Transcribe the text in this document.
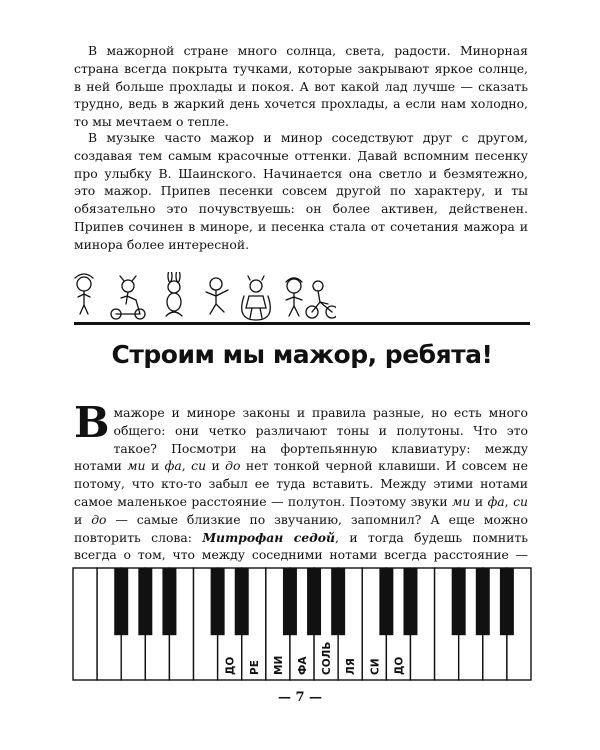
В мажорной стране много солнца, света, радости. Минорная страна всегда покрыта тучками, которые закрывают яркое солнце, в ней больше прохлады и покоя. А вот какой лад лучше — сказать трудно, ведь в жаркий день хочется прохлады, а если нам холодно, то мы мечтаем о тепле.

В музыке часто мажор и минор соседствуют друг с другом, создавая тем самым красочные оттенки. Давай вспомним песенку про улыбку В. Шаинского. Начинается она светло и безмятежно, это мажор. Припев песенки совсем другой по характеру, и ты обязательно это почувствуешь: он более активен, действенен. Припев сочинен в миноре, и песенка стала от сочетания мажора и минора более интересной.

Строим мы мажор, ребята!

В мажоре и миноре законы и правила разные, но есть много общего: они четко различают тоны и полутоны. Что это такое? Посмотри на фортепьянную клавиатуру: между нотами ми и фа, си и до нет тонкой черной клавиши. И совсем не потому, что кто-то забыл ее туда вставить. Между этими нотами самое маленькое расстояние — полутон. Поэтому звуки ми и фа, си и до — самые близкие по звучанию, запомнил? А еще можно повторить слова: Митрофан седой, и тогда будешь помнить всегда о том, что между соседними нотами всегда расстояние —

ДО РЕ МИ ФА СОЛЬ ЛЯ СИ ДО
— 7 —
